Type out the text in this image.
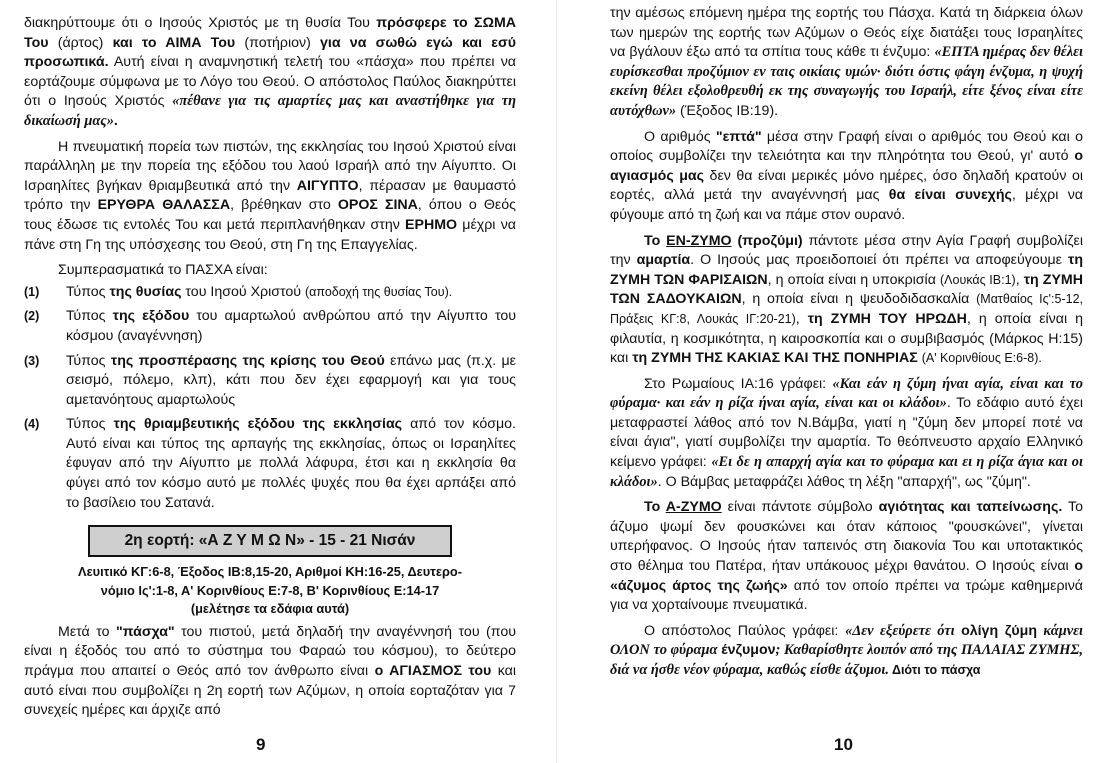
διακηρύττουμε ότι ο Ιησούς Χριστός με τη θυσία Του πρόσφερε το ΣΩΜΑ Του (άρτος) και το ΑΙΜΑ Του (ποτήριον) για να σωθώ εγώ και εσύ προσωπικά. Αυτή είναι η αναμνηστική τελετή του «πάσχα» που πρέπει να εορτάζουμε σύμφωνα με το Λόγο του Θεού. Ο απόστολος Παύλος διακηρύττει ότι ο Ιησούς Χριστός «πέθανε για τις αμαρτίες μας και αναστήθηκε για τη δικαίωσή μας».

Η πνευματική πορεία των πιστών, της εκκλησίας του Ιησού Χριστού είναι παράλληλη με την πορεία της εξόδου του λαού Ισραήλ από την Αίγυπτο. Οι Ισραηλίτες βγήκαν θριαμβευτικά από την ΑΙΓΥΠΤΟ, πέρασαν με θαυμαστό τρόπο την ΕΡΥΘΡΑ ΘΑΛΑΣΣΑ, βρέθηκαν στο ΟΡΟΣ ΣΙΝΑ, όπου ο Θεός τους έδωσε τις εντολές Του και μετά περιπλανήθηκαν στην ΕΡΗΜΟ μέχρι να πάνε στη Γη της υπόσχεσης του Θεού, στη Γη της Επαγγελίας.

Συμπερασματικά το ΠΑΣΧΑ είναι:

(1) Τύπος της θυσίας του Ιησού Χριστού (αποδοχή της θυσίας Του).
(2) Τύπος της εξόδου του αμαρτωλού ανθρώπου από την Αίγυπτο του κόσμου (αναγέννηση)
(3) Τύπος της προσπέρασης της κρίσης του Θεού επάνω μας (π.χ. με σεισμό, πόλεμο, κλπ), κάτι που δεν έχει εφαρμογή και για τους αμετανόητους αμαρτωλούς
(4) Τύπος της θριαμβευτικής εξόδου της εκκλησίας από τον κόσμο. Αυτό είναι και τύπος της αρπαγής της εκκλησίας, όπως οι Ισραηλίτες έφυγαν από την Αίγυπτο με πολλά λάφυρα, έτσι και η εκκλησία θα φύγει από τον κόσμο αυτό με πολλές ψυχές που θα έχει αρπάξει από το βασίλειο του Σατανά.
2η εορτή: «Α Ζ Υ Μ Ω Ν» - 15 - 21 Νισάν
Λευιτικό ΚΓ:6-8, Έξοδος ΙΒ:8,15-20, Αριθμοί ΚΗ:16-25, Δευτερο-
νόμιο Ις':1-8, Α' Κορινθίους Ε:7-8, Β' Κορινθίους Ε:14-17
(μελέτησε τα εδάφια αυτά)

Μετά το "πάσχα" του πιστού, μετά δηλαδή την αναγέννησή του (που είναι η έξοδός του από το σύστημα του Φαραώ του κόσμου), το δεύτερο πράγμα που απαιτεί ο Θεός από τον άνθρωπο είναι ο ΑΓΙΑΣΜΟΣ του και αυτό είναι που συμβολίζει η 2η εορτή των Αζύμων, η οποία εορταζόταν για 7 συνεχείς ημέρες και άρχιζε από

9

την αμέσως επόμενη ημέρα της εορτής του Πάσχα. Κατά τη διάρκεια όλων των ημερών της εορτής των Αζύμων ο Θεός είχε διατάξει τους Ισραηλίτες να βγάλουν έξω από τα σπίτια τους κάθε τι ένζυμο: «ΕΠΤΑ ημέρας δεν θέλει ευρίσκεσθαι προζύμιον εν ταις οικίαις υμών· διότι όστις φάγη ένζυμα, η ψυχή εκείνη θέλει εξολοθρευθή εκ της συναγωγής του Ισραήλ, είτε ξένος είναι είτε αυτόχθων» (Έξοδος ΙΒ:19).

Ο αριθμός "επτά" μέσα στην Γραφή είναι ο αριθμός του Θεού και ο οποίος συμβολίζει την τελειότητα και την πληρότητα του Θεού, γι' αυτό ο αγιασμός μας δεν θα είναι μερικές μόνο ημέρες, όσο δηλαδή κρατούν οι εορτές, αλλά μετά την αναγέννησή μας θα είναι συνεχής, μέχρι να φύγουμε από τη ζωή και να πάμε στον ουρανό.

Το ΕΝ-ΖΥΜΟ (προζύμι) πάντοτε μέσα στην Αγία Γραφή συμβολίζει την αμαρτία. Ο Ιησούς μας προειδοποιεί ότι πρέπει να αποφεύγουμε τη ΖΥΜΗ ΤΩΝ ΦΑΡΙΣΑΙΩΝ, η οποία είναι η υποκρισία (Λουκάς ΙΒ:1), τη ΖΥΜΗ ΤΩΝ ΣΑΔΟΥΚΑΙΩΝ, η οποία είναι η ψευδοδιδασκαλία (Ματθαίος Ις':5-12, Πράξεις ΚΓ:8, Λουκάς ΙΓ:20-21), τη ΖΥΜΗ ΤΟΥ ΗΡΩΔΗ, η οποία είναι η φιλαυτία, η κοσμικότητα, η καιροσκοπία και ο συμβιβασμός (Μάρκος Η:15) και τη ΖΥΜΗ ΤΗΣ ΚΑΚΙΑΣ ΚΑΙ ΤΗΣ ΠΟΝΗΡΙΑΣ (Α' Κορινθίους Ε:6-8).

Στο Ρωμαίους ΙΑ:16 γράφει: «Και εάν η ζύμη ήναι αγία, είναι και το φύραμα· και εάν η ρίζα ήναι αγία, είναι και οι κλάδοι». Το εδάφιο αυτό έχει μεταφραστεί λάθος από τον Ν.Βάμβα, γιατί η "ζύμη δεν μπορεί ποτέ να είναι άγια", γιατί συμβολίζει την αμαρτία. Το θεόπνευστο αρχαίο Ελληνικό κείμενο γράφει: «Ει δε η απαρχή αγία και το φύραμα και ει η ρίζα άγια και οι κλάδοι». Ο Βάμβας μεταφράζει λάθος τη λέξη "απαρχή", ως "ζύμη".

Το Α-ΖΥΜΟ είναι πάντοτε σύμβολο αγιότητας και ταπείνωσης. Το άζυμο ψωμί δεν φουσκώνει και όταν κάποιος "φουσκώνει", γίνεται υπερήφανος. Ο Ιησούς ήταν ταπεινός στη διακονία Του και υποτακτικός στο θέλημα του Πατέρα, ήταν υπάκουος μέχρι θανάτου. Ο Ιησούς είναι ο «άζυμος άρτος της ζωής» από τον οποίο πρέπει να τρώμε καθημερινά για να χορταίνουμε πνευματικά.

Ο απόστολος Παύλος γράφει: «Δεν εξεύρετε ότι ολίγη ζύμη κάμνει ΟΛΟΝ το φύραμα ένζυμον; Καθαρίσθητε λοιπόν από της ΠΑΛΑΙΑΣ ΖΥΜΗΣ, διά να ήσθε νέον φύραμα, καθώς είσθε άζυμοι. Διότι το πάσχα

10
